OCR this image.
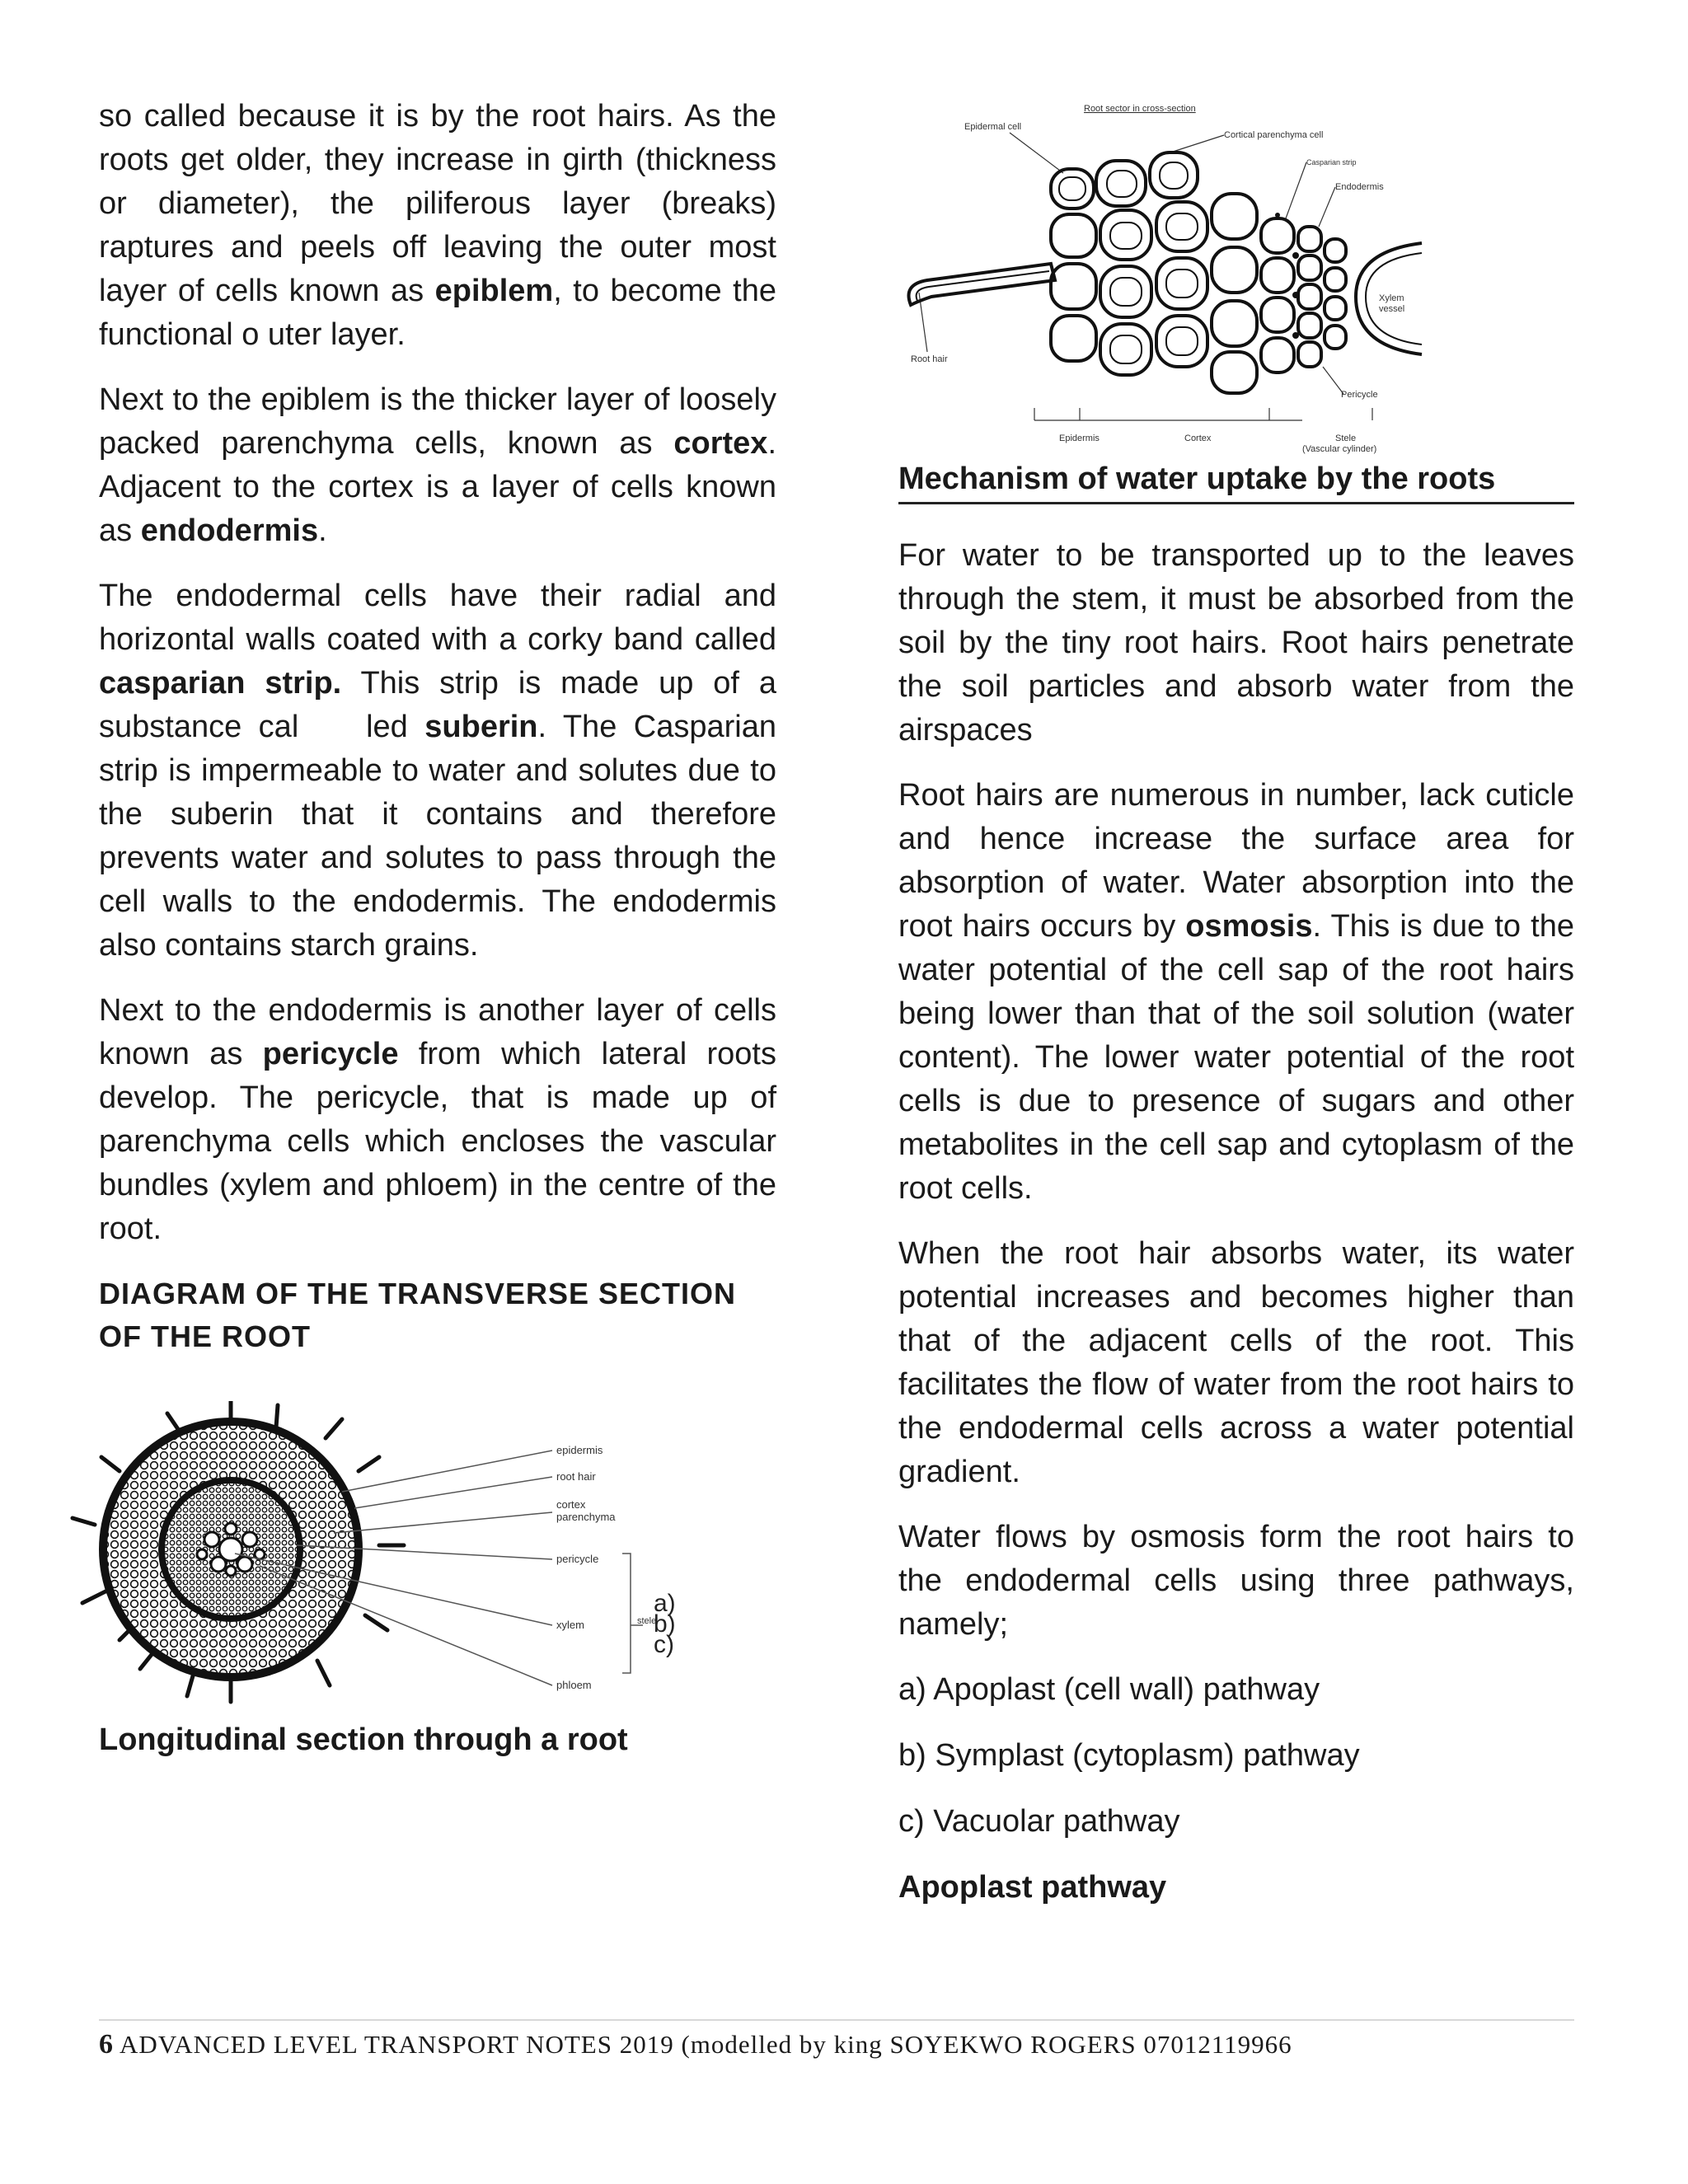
so called because it is by the root hairs. As the roots get older, they increase in girth (thickness or diameter), the piliferous layer (breaks) raptures and peels off leaving the outer most layer of cells known as epiblem, to become the functional o uter layer.

Next to the epiblem is the thicker layer of loosely packed parenchyma cells, known as cortex. Adjacent to the cortex is a layer of cells known as endodermis.

The endodermal cells have their radial and horizontal walls coated with a corky band called casparian strip. This strip is made up of a substance cal    led suberin. The Casparian strip is impermeable to water and solutes due to the suberin that it contains and therefore prevents water and solutes to pass through the cell walls to the endodermis. The endodermis also contains starch grains.

Next to the endodermis is another layer of cells known as pericycle from which lateral roots develop. The pericycle, that is made up of parenchyma cells which encloses the vascular bundles (xylem and phloem) in the centre of the root.

DIAGRAM OF THE TRANSVERSE SECTION OF THE ROOT

epidermis
root hair
cortex
parenchyma
pericycle
xylem
phloem
stele
a)
b)
c)
Longitudinal section through a root
Root sector in cross-section
Epidermal cell
Cortical parenchyma cell
Casparian strip
Endodermis
Xylem
vessel
Root hair
Pericycle
Epidermis	Cortex	Stele
(Vascular cylinder)
Mechanism of water uptake by the roots

For water to be transported up to the leaves through the stem, it must be absorbed from the soil by the tiny root hairs. Root hairs penetrate the soil particles and absorb water from the airspaces

Root hairs are numerous in number, lack cuticle and hence increase the surface area for absorption of water. Water absorption into the root hairs occurs by osmosis. This is due to the water potential of the cell sap of the root hairs being lower than that of the soil solution (water content). The lower water potential of the root cells is due to presence of sugars and other metabolites in the cell sap and cytoplasm of the root cells.

When the root hair absorbs water, its water potential increases and becomes higher than that of the adjacent cells of the root. This facilitates the flow of water from the root hairs to the endodermal cells across a water potential gradient.

Water flows by osmosis form the root hairs to the endodermal cells using three pathways, namely;

a) Apoplast (cell wall) pathway

b) Symplast (cytoplasm) pathway

c) Vacuolar pathway

Apoplast pathway

6 ADVANCED LEVEL TRANSPORT NOTES 2019 (modelled by king SOYEKWO ROGERS 07012119966
